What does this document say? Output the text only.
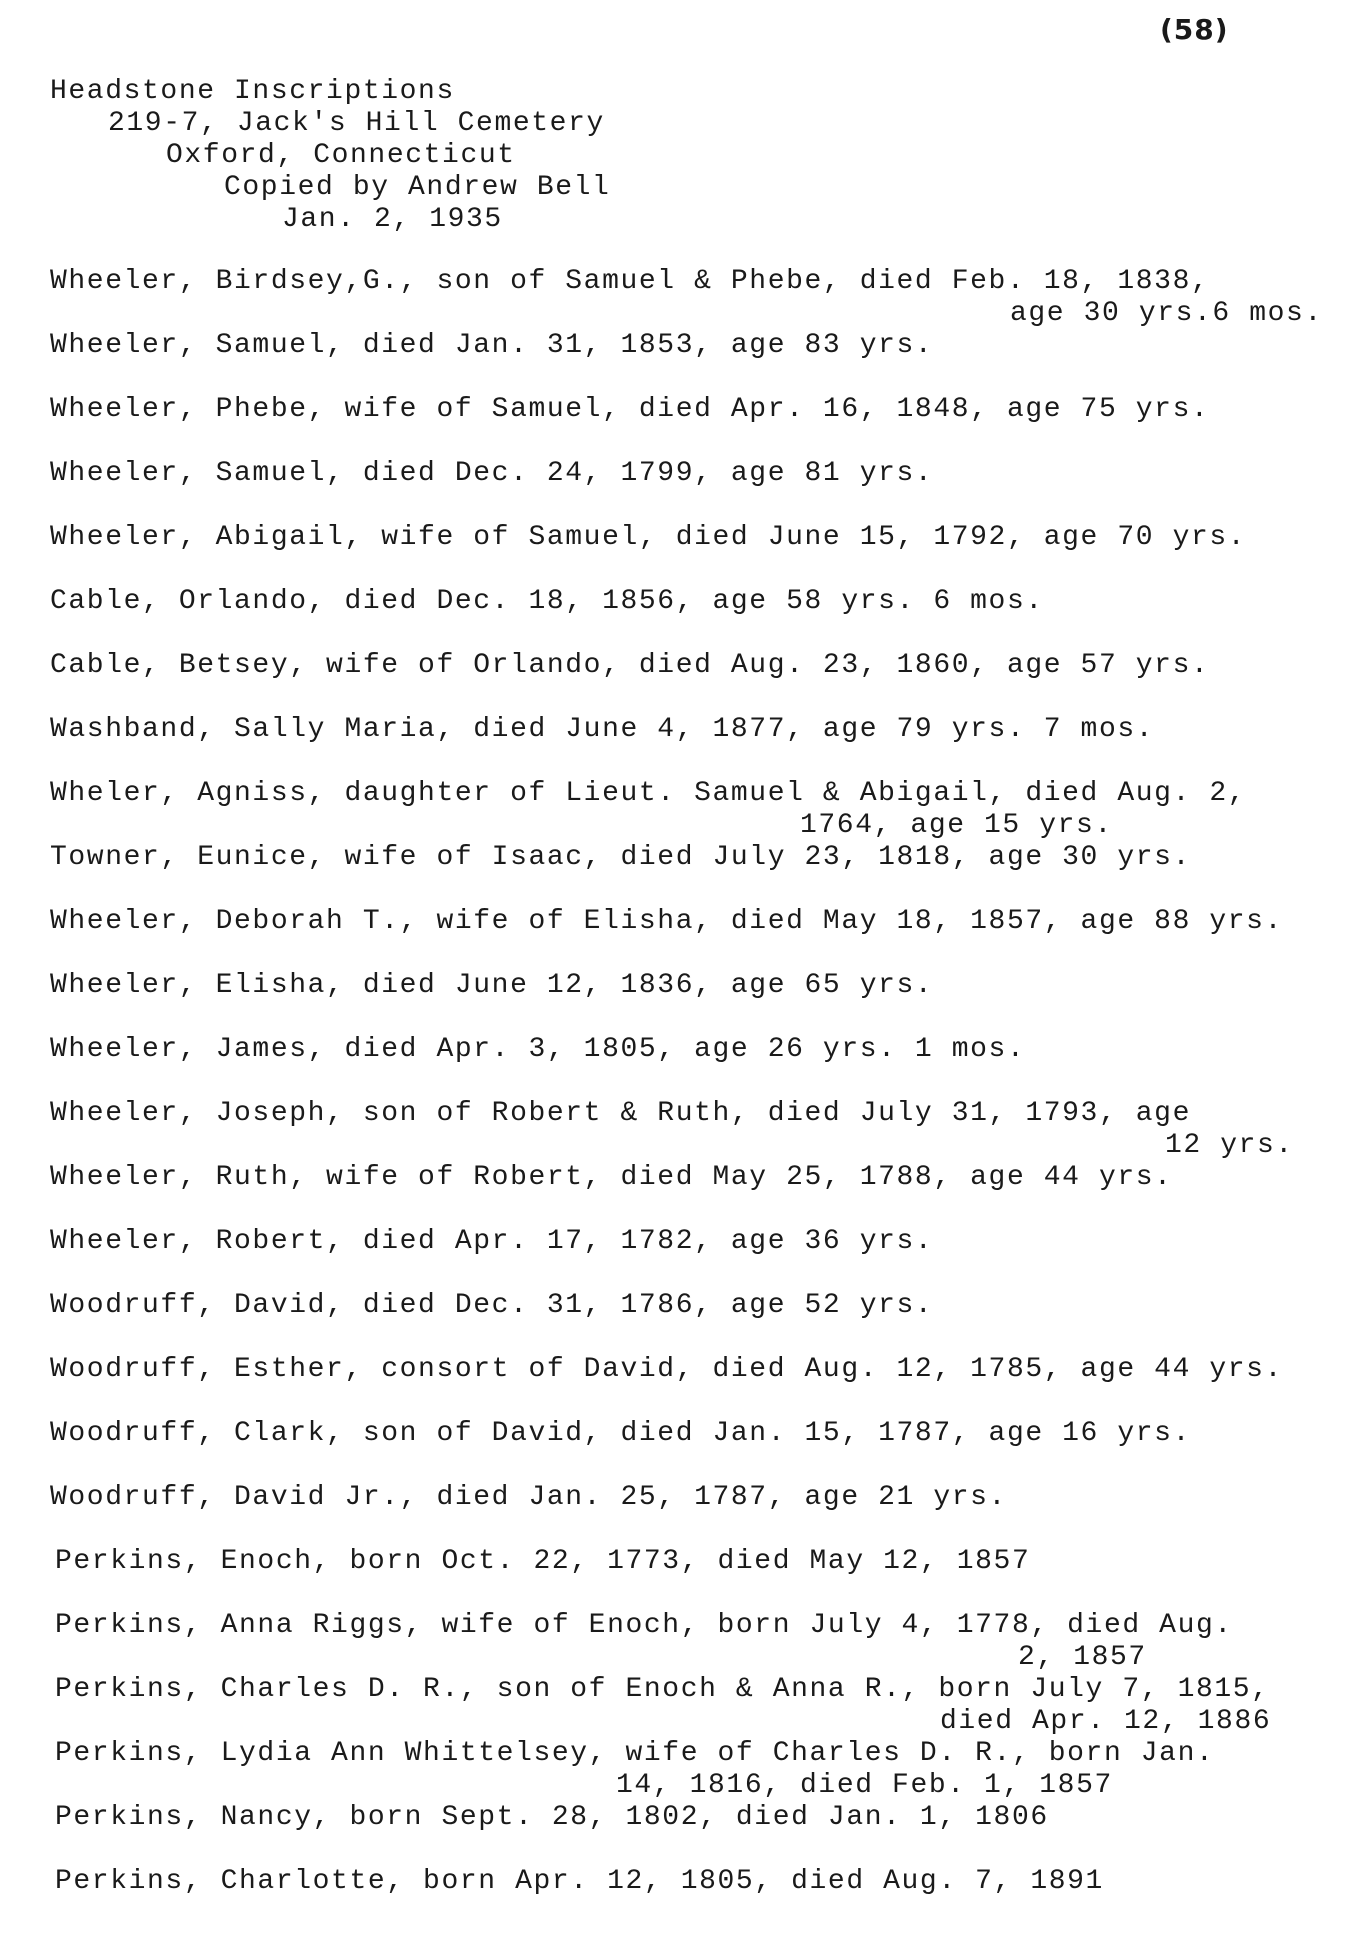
(58)
Headstone Inscriptions
219-7, Jack's Hill Cemetery
Oxford, Connecticut
Copied by Andrew Bell
Jan. 2, 1935
Wheeler, Birdsey,G., son of Samuel & Phebe, died Feb. 18, 1838,
age 30 yrs.6 mos.
Wheeler, Samuel, died Jan. 31, 1853, age 83 yrs.
Wheeler, Phebe, wife of Samuel, died Apr. 16, 1848, age 75 yrs.
Wheeler, Samuel, died Dec. 24, 1799, age 81 yrs.
Wheeler, Abigail, wife of Samuel, died June 15, 1792, age 70 yrs.
Cable, Orlando, died Dec. 18, 1856, age 58 yrs. 6 mos.
Cable, Betsey, wife of Orlando, died Aug. 23, 1860, age 57 yrs.
Washband, Sally Maria, died June 4, 1877, age 79 yrs. 7 mos.
Wheler, Agniss, daughter of Lieut. Samuel & Abigail, died Aug. 2,
1764, age 15 yrs.
Towner, Eunice, wife of Isaac, died July 23, 1818, age 30 yrs.
Wheeler, Deborah T., wife of Elisha, died May 18, 1857, age 88 yrs.
Wheeler, Elisha, died June 12, 1836, age 65 yrs.
Wheeler, James, died Apr. 3, 1805, age 26 yrs. 1 mos.
Wheeler, Joseph, son of Robert & Ruth, died July 31, 1793, age
12 yrs.
Wheeler, Ruth, wife of Robert, died May 25, 1788, age 44 yrs.
Wheeler, Robert, died Apr. 17, 1782, age 36 yrs.
Woodruff, David, died Dec. 31, 1786, age 52 yrs.
Woodruff, Esther, consort of David, died Aug. 12, 1785, age 44 yrs.
Woodruff, Clark, son of David, died Jan. 15, 1787, age 16 yrs.
Woodruff, David Jr., died Jan. 25, 1787, age 21 yrs.
Perkins, Enoch, born Oct. 22, 1773, died May 12, 1857
Perkins, Anna Riggs, wife of Enoch, born July 4, 1778, died Aug.
2, 1857
Perkins, Charles D. R., son of Enoch & Anna R., born July 7, 1815,
died Apr. 12, 1886
Perkins, Lydia Ann Whittelsey, wife of Charles D. R., born Jan.
14, 1816, died Feb. 1, 1857
Perkins, Nancy, born Sept. 28, 1802, died Jan. 1, 1806
Perkins, Charlotte, born Apr. 12, 1805, died Aug. 7, 1891
